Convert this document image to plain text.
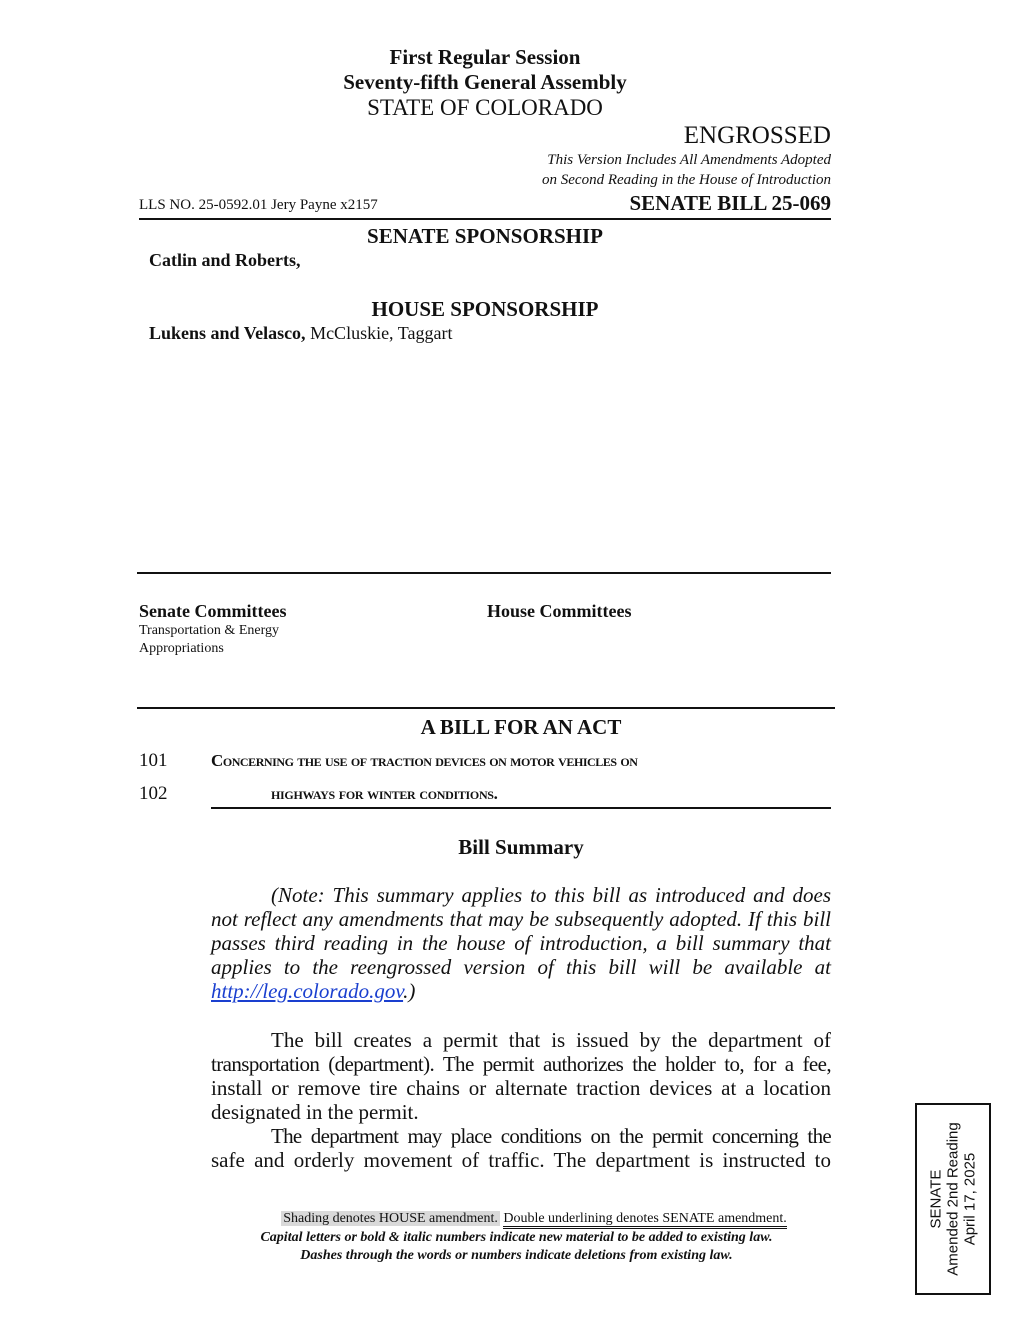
First Regular Session
Seventy-fifth General Assembly
STATE OF COLORADO
ENGROSSED
This Version Includes All Amendments Adopted
on Second Reading in the House of Introduction
LLS NO. 25-0592.01 Jery Payne x2157	SENATE BILL 25-069
SENATE SPONSORSHIP
Catlin and Roberts,
HOUSE SPONSORSHIP
Lukens and Velasco, McCluskie, Taggart
Senate Committees
Transportation & Energy
Appropriations
House Committees
A BILL FOR AN ACT
101	Concerning the use of traction devices on motor vehicles on
102	highways for winter conditions.
Bill Summary
(Note: This summary applies to this bill as introduced and does
not reflect any amendments that may be subsequently adopted. If this bill
passes third reading in the house of introduction, a bill summary that
applies to the reengrossed version of this bill will be available at
http://leg.colorado.gov.)
The bill creates a permit that is issued by the department of
transportation (department). The permit authorizes the holder to, for a fee,
install or remove tire chains or alternate traction devices at a location
designated in the permit.
The department may place conditions on the permit concerning the
safe and orderly movement of traffic. The department is instructed to
Shading denotes HOUSE amendment. Double underlining denotes SENATE amendment.
Capital letters or bold & italic numbers indicate new material to be added to existing law.
Dashes through the words or numbers indicate deletions from existing law.
SENATE Amended 2nd Reading April 17, 2025
